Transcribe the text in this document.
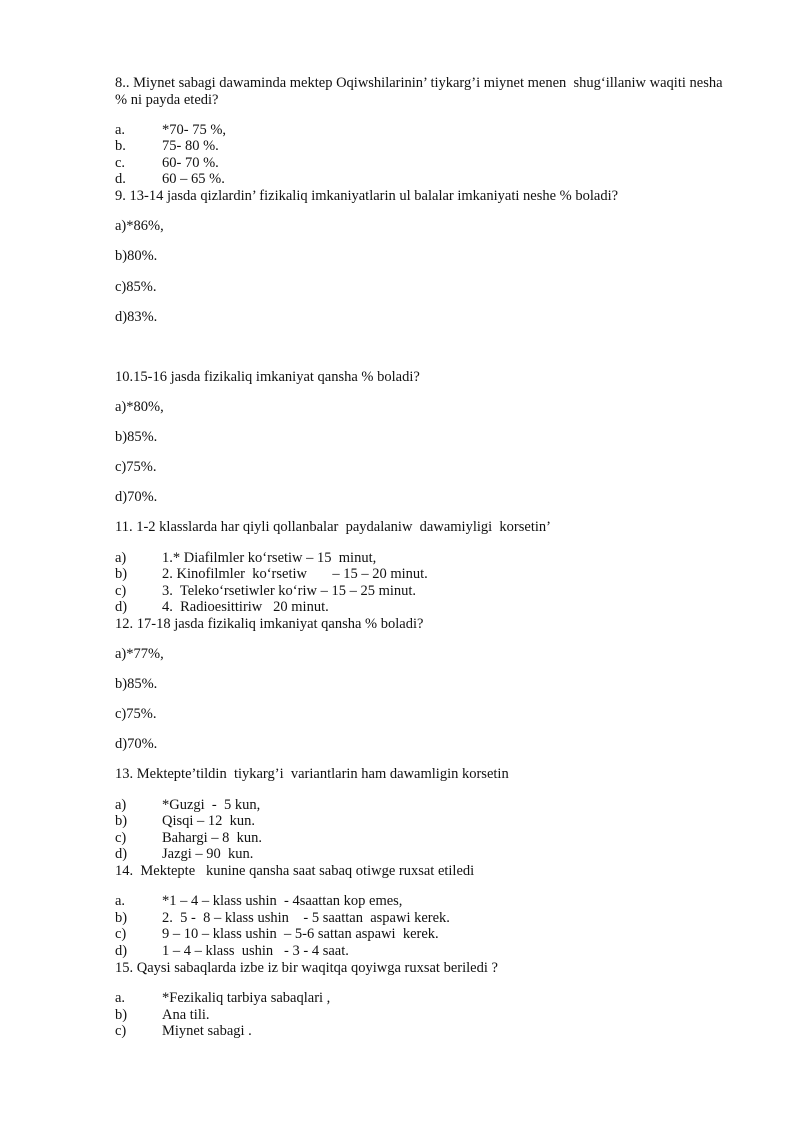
8.. Miynet sabagi dawaminda mektep Oqiwshilarinin’ tiykarg’i miynet menen  shug‘illaniw waqiti nesha % ni payda etedi?
a.	*70- 75 %,
b. 75- 80 %.
c.	60- 70 %.
d. 60 – 65 %.
9. 13-14 jasda qizlardin’ fizikaliq imkaniyatlarin ul balalar imkaniyati neshe % boladi?
a)*86%,
b)80%.
c)85%.
d)83%.
10.15-16 jasda fizikaliq imkaniyat qansha % boladi?
a)*80%,
b)85%.
c)75%.
d)70%.
11. 1-2 klasslarda har qiyli qollanbalar  paydalaniw  dawamiyligi  korsetin’
a) 1.* Diafilmler ko‘rsetiw – 15  minut,
b) 2. Kinofilmler  ko‘rsetiw       – 15 – 20 minut.
c) 3.  Teleko‘rsetiwler ko‘riw – 15 – 25 minut.
d) 4.  Radioesittiriw   20 minut.
12. 17-18 jasda fizikaliq imkaniyat qansha % boladi?
a)*77%,
b)85%.
c)75%.
d)70%.
13. Mektepte’tildin  tiykarg’i  variantlarin ham dawamligin korsetin
a) *Guzgi  -  5 kun,
b) Qisqi – 12  kun.
c) Bahargi – 8  kun.
d) Jazgi – 90  kun.
14.  Mektepte   kunine qansha saat sabaq otiwge ruxsat etiledi
a.	*1 – 4 – klass ushin  - 4saattan kop emes,
b) 2.  5 -  8 – klass ushin    - 5 saattan  aspawi kerek.
c) 9 – 10 – klass ushin  – 5-6 sattan aspawi  kerek.
d) 1 – 4 – klass  ushin   - 3 - 4 saat.
15. Qaysi sabaqlarda izbe iz bir waqitqa qoyiwga ruxsat beriledi ?
a.	*Fezikaliq tarbiya sabaqlari ,
b) Ana tili.
c) Miynet sabagi .
